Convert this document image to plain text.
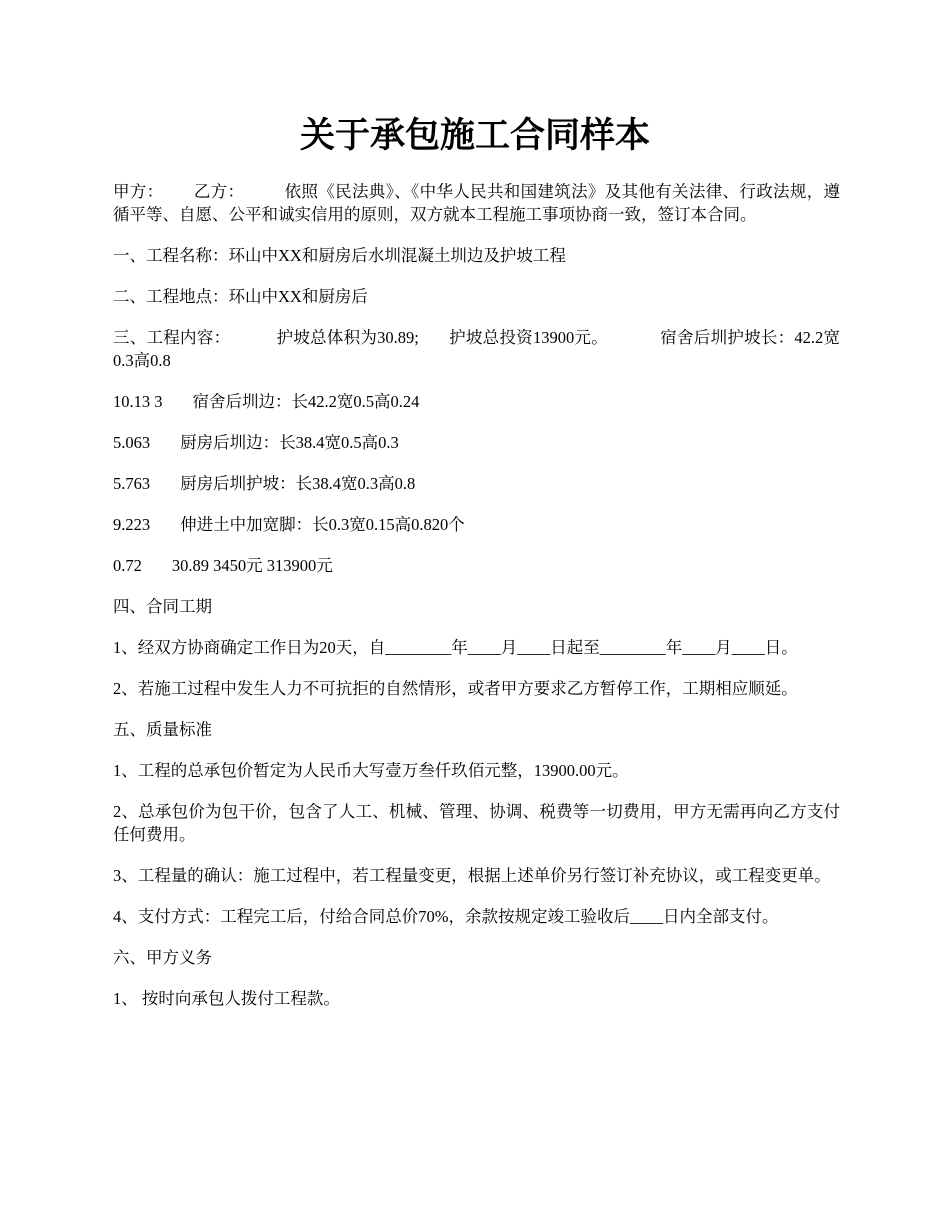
关于承包施工合同样本

甲方： 乙方： 依照《民法典》、《中华人民共和国建筑法》及其他有关法律、行政法规，遵循平等、自愿、公平和诚实信用的原则，双方就本工程施工事项协商一致，签订本合同。

一、工程名称：环山中XX和厨房后水圳混凝土圳边及护坡工程

二、工程地点：环山中XX和厨房后

三、工程内容：	护坡总体积为30.89; 护坡总投资13900元。	宿舍后圳护坡长：42.2宽0.3高0.8

10.13 3 宿舍后圳边：长42.2宽0.5高0.24

5.063 厨房后圳边：长38.4宽0.5高0.3

5.763 厨房后圳护坡：长38.4宽0.3高0.8

9.223 伸进土中加宽脚：长0.3宽0.15高0.820个

0.72 30.89 3450元 313900元

四、合同工期

1、经双方协商确定工作日为20天，自________年____月____日起至________年____月____日。

2、若施工过程中发生人力不可抗拒的自然情形，或者甲方要求乙方暂停工作，工期相应顺延。

五、质量标准

1、工程的总承包价暂定为人民币大写壹万叁仟玖佰元整，13900.00元。

2、总承包价为包干价，包含了人工、机械、管理、协调、税费等一切费用，甲方无需再向乙方支付任何费用。

3、工程量的确认：施工过程中，若工程量变更，根据上述单价另行签订补充协议，或工程变更单。

4、支付方式：工程完工后，付给合同总价70%，余款按规定竣工验收后____日内全部支付。

六、甲方义务

1、 按时向承包人拨付工程款。
